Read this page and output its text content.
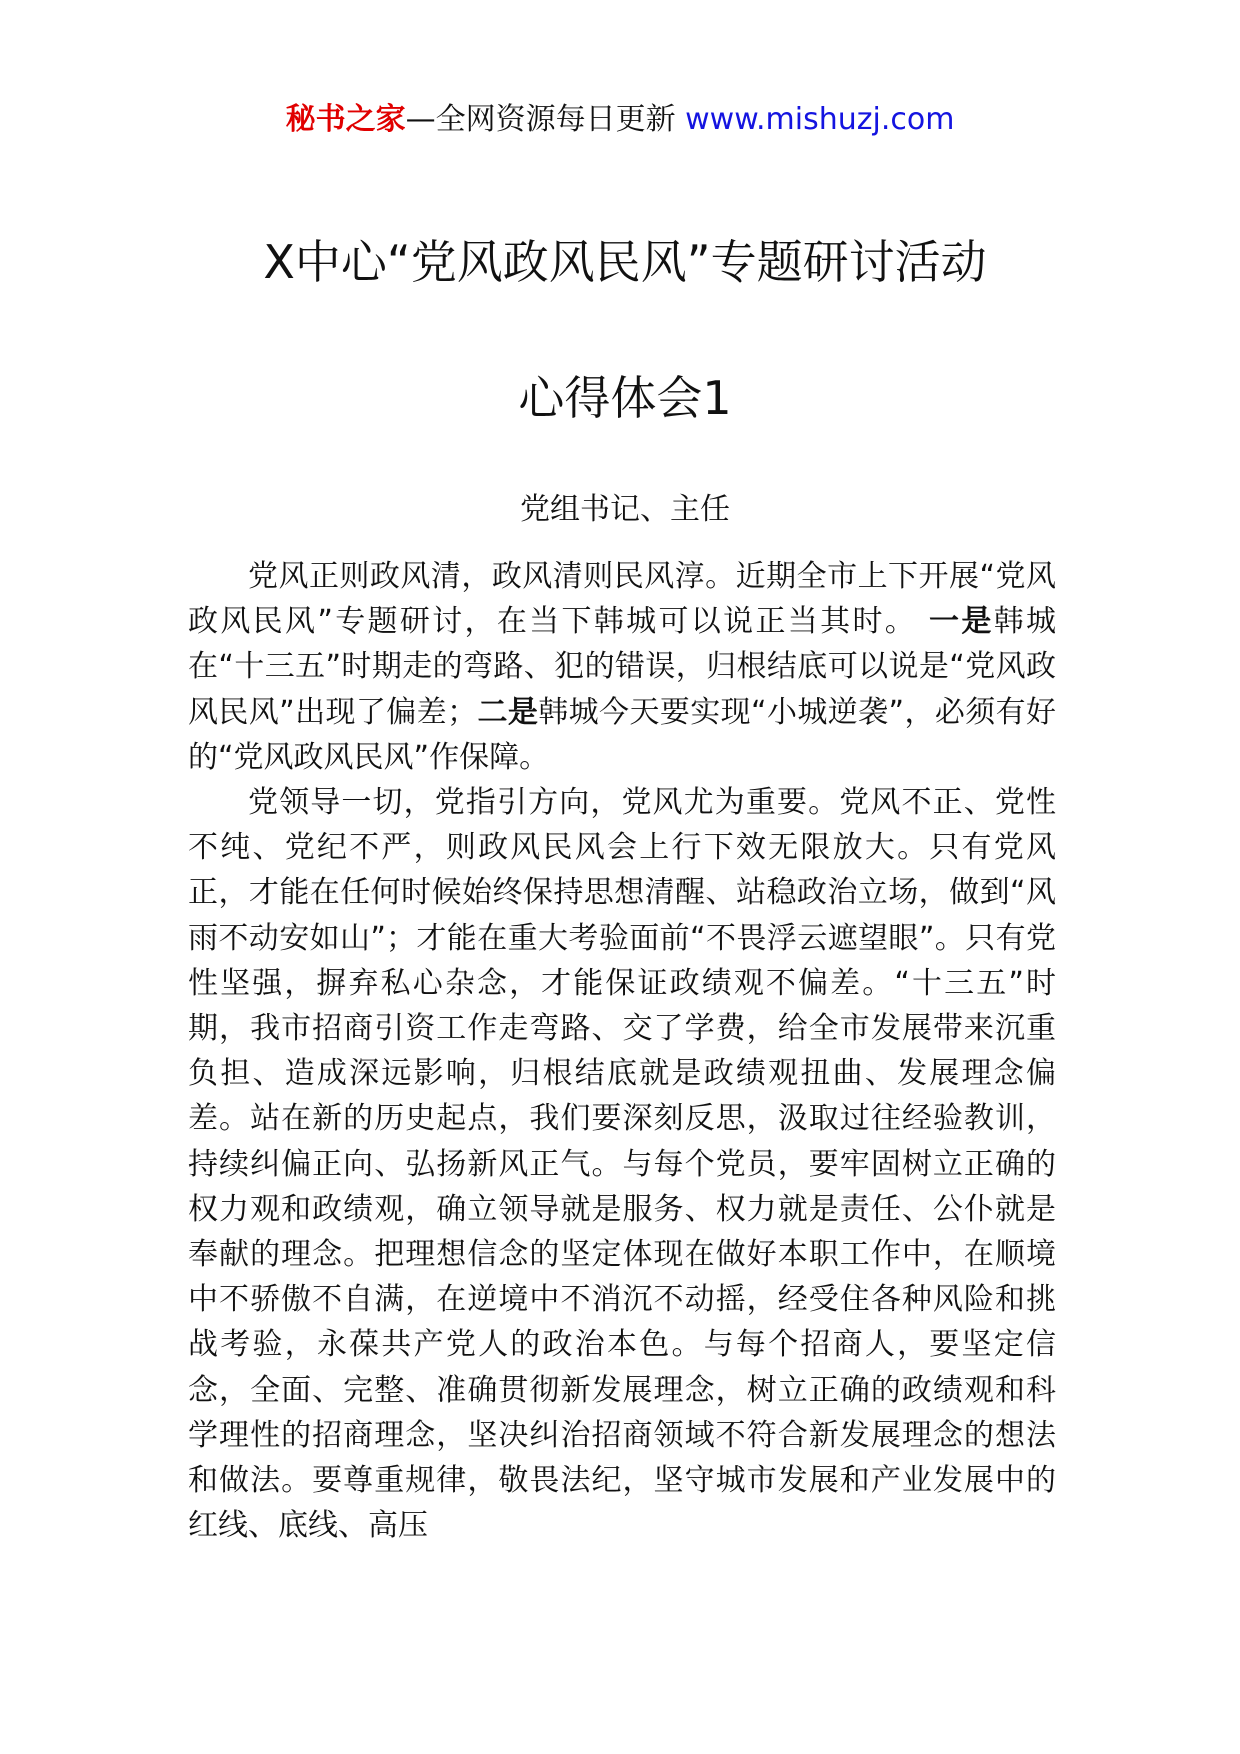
秘书之家—全网资源每日更新 www.mishuzj.com
X中心“党风政风民风”专题研讨活动
心得体会1
党组书记、主任

党风正则政风清，政风清则民风淳。近期全市上下开展“党风政风民风”专题研讨，在当下韩城可以说正当其时。 一是韩城在“十三五”时期走的弯路、犯的错误，归根结底可以说是“党风政风民风”出现了偏差；二是韩城今天要实现“小城逆袭”，必须有好的“党风政风民风”作保障。

党领导一切，党指引方向，党风尤为重要。党风不正、党性不纯、党纪不严，则政风民风会上行下效无限放大。只有党风正，才能在任何时候始终保持思想清醒、站稳政治立场，做到“风雨不动安如山”；才能在重大考验面前“不畏浮云遮望眼”。只有党性坚强，摒弃私心杂念，才能保证政绩观不偏差。“十三五”时期，我市招商引资工作走弯路、交了学费，给全市发展带来沉重负担、造成深远影响，归根结底就是政绩观扭曲、发展理念偏差。站在新的历史起点，我们要深刻反思，汲取过往经验教训，持续纠偏正向、弘扬新风正气。与每个党员，要牢固树立正确的权力观和政绩观，确立领导就是服务、权力就是责任、公仆就是奉献的理念。把理想信念的坚定体现在做好本职工作中，在顺境中不骄傲不自满，在逆境中不消沉不动摇，经受住各种风险和挑战考验，永葆共产党人的政治本色。与每个招商人，要坚定信念，全面、完整、准确贯彻新发展理念，树立正确的政绩观和科学理性的招商理念，坚决纠治招商领域不符合新发展理念的想法和做法。要尊重规律，敬畏法纪，坚守城市发展和产业发展中的红线、底线、高压
